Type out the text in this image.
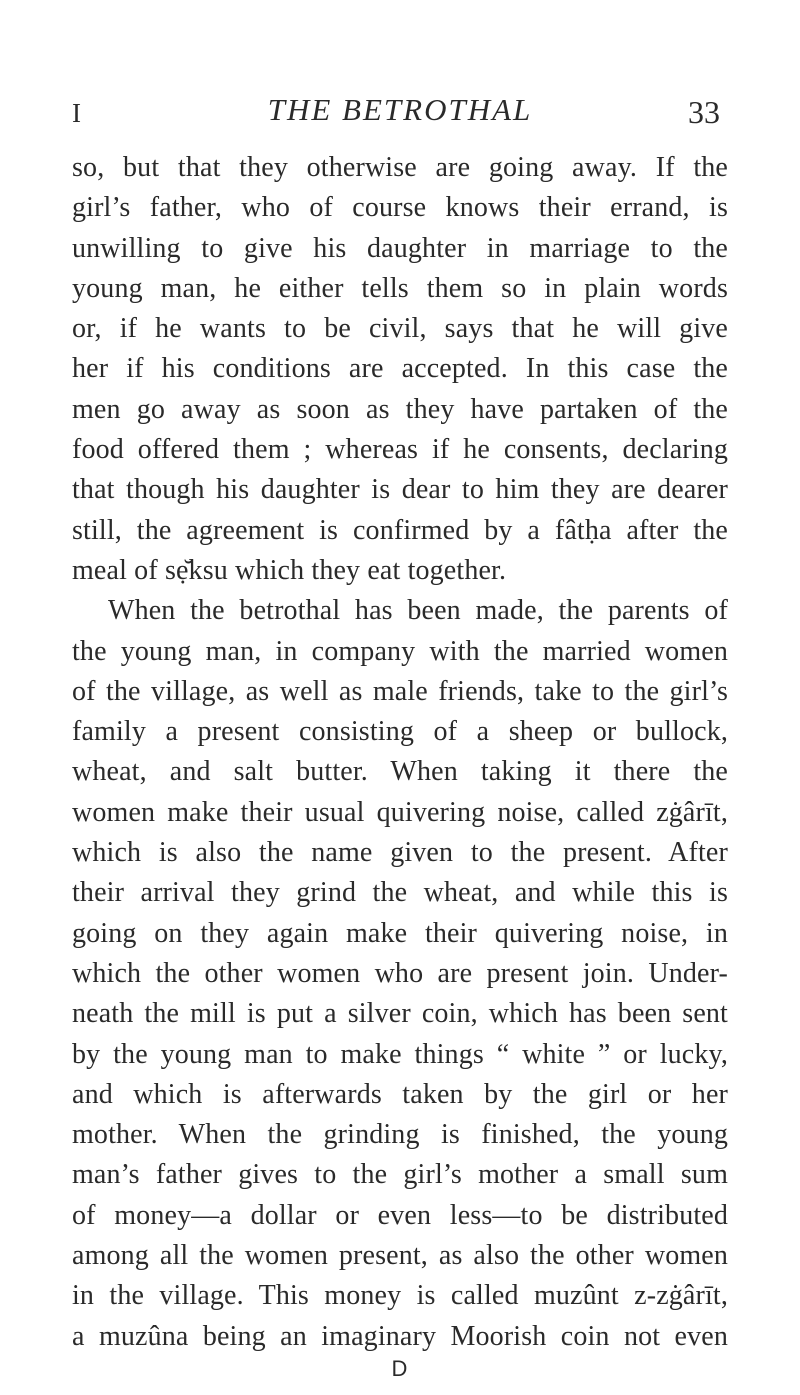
I	THE BETROTHAL	33
so, but that they otherwise are going away. If the
girl’s father, who of course knows their errand, is
unwilling to give his daughter in marriage to the
young man, he either tells them so in plain words
or, if he wants to be civil, says that he will give
her if his conditions are accepted. In this case the
men go away as soon as they have partaken of the
food offered them ; whereas if he consents, declaring
that though his daughter is dear to him they are dearer
still, the agreement is confirmed by a fâtḥa after the
meal of sẹ̆ksu which they eat together.
When the betrothal has been made, the parents of
the young man, in company with the married women
of the village, as well as male friends, take to the girl’s
family a present consisting of a sheep or bullock,
wheat, and salt butter. When taking it there the
women make their usual quivering noise, called zġârīt,
which is also the name given to the present. After
their arrival they grind the wheat, and while this is
going on they again make their quivering noise, in
which the other women who are present join. Under-
neath the mill is put a silver coin, which has been sent
by the young man to make things “ white ” or lucky,
and which is afterwards taken by the girl or her
mother. When the grinding is finished, the young
man’s father gives to the girl’s mother a small sum
of money—a dollar or even less—to be distributed
among all the women present, as also the other women
in the village. This money is called muzûnt z-zġârīt,
a muzûna being an imaginary Moorish coin not even
D
